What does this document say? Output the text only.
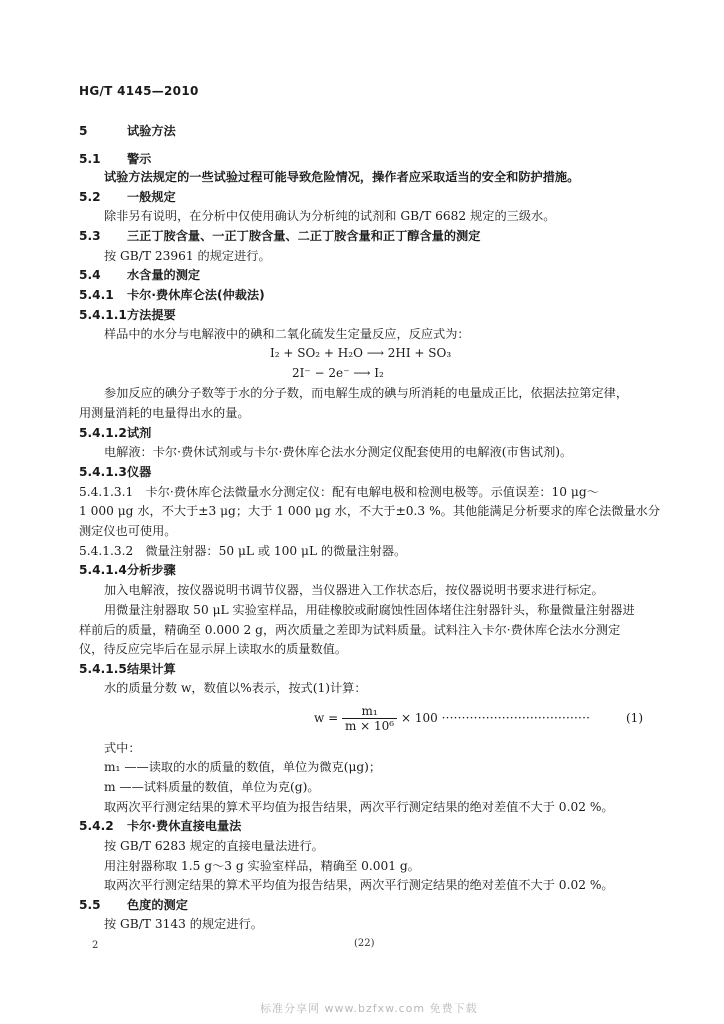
HG/T 4145—2010
5	试验方法
5.1 警示
试验方法规定的一些试验过程可能导致危险情况，操作者应采取适当的安全和防护措施。
5.2 一般规定
除非另有说明，在分析中仅使用确认为分析纯的试剂和 GB/T 6682 规定的三级水。
5.3 三正丁胺含量、一正丁胺含量、二正丁胺含量和正丁醇含量的测定
按 GB/T 23961 的规定进行。
5.4 水含量的测定
5.4.1 卡尔·费休库仑法(仲裁法)
5.4.1.1方法提要
样品中的水分与电解液中的碘和二氧化硫发生定量反应，反应式为：
参加反应的碘分子数等于水的分子数，而电解生成的碘与所消耗的电量成正比，依据法拉第定律，
用测量消耗的电量得出水的量。
5.4.1.2试剂
电解液：卡尔·费休试剂或与卡尔·费休库仑法水分测定仪配套使用的电解液(市售试剂)。
5.4.1.3仪器
5.4.1.3.1　卡尔·费休库仑法微量水分测定仪：配有电解电极和检测电极等。示值误差：10 μg～
1 000 μg 水，不大于±3 μg；大于 1 000 μg 水，不大于±0.3 %。其他能满足分析要求的库仑法微量水分
测定仪也可使用。
5.4.1.3.2　微量注射器：50 μL 或 100 μL 的微量注射器。
5.4.1.4分析步骤
加入电解液，按仪器说明书调节仪器，当仪器进入工作状态后，按仪器说明书要求进行标定。
用微量注射器取 50 μL 实验室样品，用硅橡胶或耐腐蚀性固体堵住注射器针头，称量微量注射器进
样前后的质量，精确至 0.000 2 g，两次质量之差即为试料质量。试料注入卡尔·费休库仑法水分测定
仪，待反应完毕后在显示屏上读取水的质量数值。
5.4.1.5结果计算
水的质量分数 w，数值以%表示，按式(1)计算：
式中：
m₁ ——读取的水的质量的数值，单位为微克(μg)；
m ——试料质量的数值，单位为克(g)。
取两次平行测定结果的算术平均值为报告结果，两次平行测定结果的绝对差值不大于 0.02 %。
5.4.2 卡尔·费休直接电量法
按 GB/T 6283 规定的直接电量法进行。
用注射器称取 1.5 g～3 g 实验室样品，精确至 0.001 g。
取两次平行测定结果的算术平均值为报告结果，两次平行测定结果的绝对差值不大于 0.02 %。
5.5 色度的测定
按 GB/T 3143 的规定进行。
I₂ + SO₂ + H₂O ⟶ 2HI + SO₃
2I⁻ − 2e⁻ ⟶ I₂
$w = \frac{\text{m₁}}{\text{m × 10⁶}} \times 100$ ·····································	(1)
2	(22)
标准分享网 www.bzfxw.com 免费下载
